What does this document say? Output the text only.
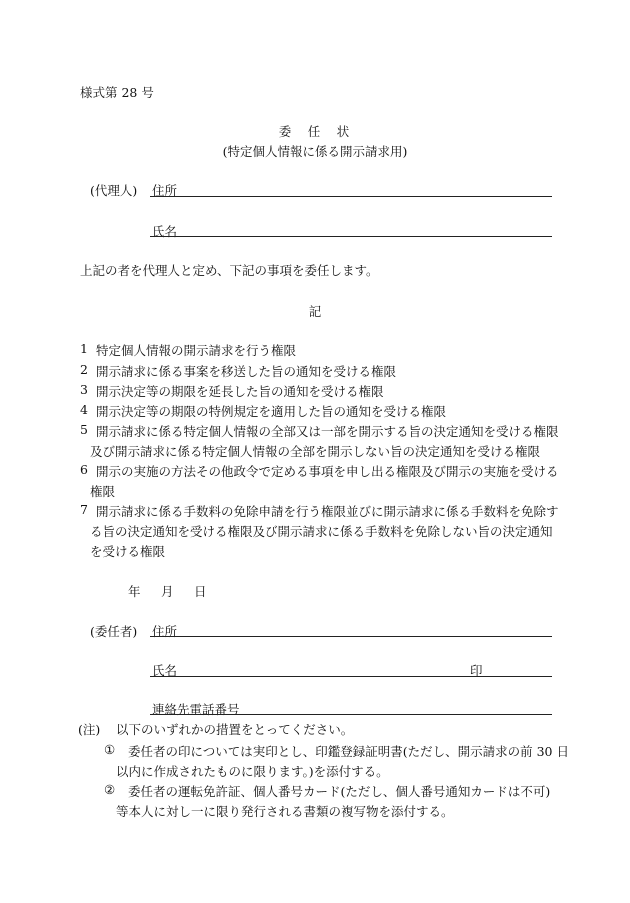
様式第 28 号
委　任　状
(特定個人情報に係る開示請求用)
(代理人) 住所
氏名
上記の者を代理人と定め、下記の事項を委任します。
記
1 特定個人情報の開示請求を行う権限
2 開示請求に係る事案を移送した旨の通知を受ける権限
3 開示決定等の期限を延長した旨の通知を受ける権限
4 開示決定等の期限の特例規定を適用した旨の通知を受ける権限
5 開示請求に係る特定個人情報の全部又は一部を開示する旨の決定通知を受ける権限
及び開示請求に係る特定個人情報の全部を開示しない旨の決定通知を受ける権限
6 開示の実施の方法その他政令で定める事項を申し出る権限及び開示の実施を受ける
権限
7 開示請求に係る手数料の免除申請を行う権限並びに開示請求に係る手数料を免除す
る旨の決定通知を受ける権限及び開示請求に係る手数料を免除しない旨の決定通知
を受ける権限
年　月　日
(委任者) 住所
氏名	印
連絡先電話番号
(注) 以下のいずれかの措置をとってください。
① 委任者の印については実印とし、印鑑登録証明書(ただし、開示請求の前 30 日
以内に作成されたものに限ります。)を添付する。
② 委任者の運転免許証、個人番号カード(ただし、個人番号通知カードは不可)
等本人に対し一に限り発行される書類の複写物を添付する。
